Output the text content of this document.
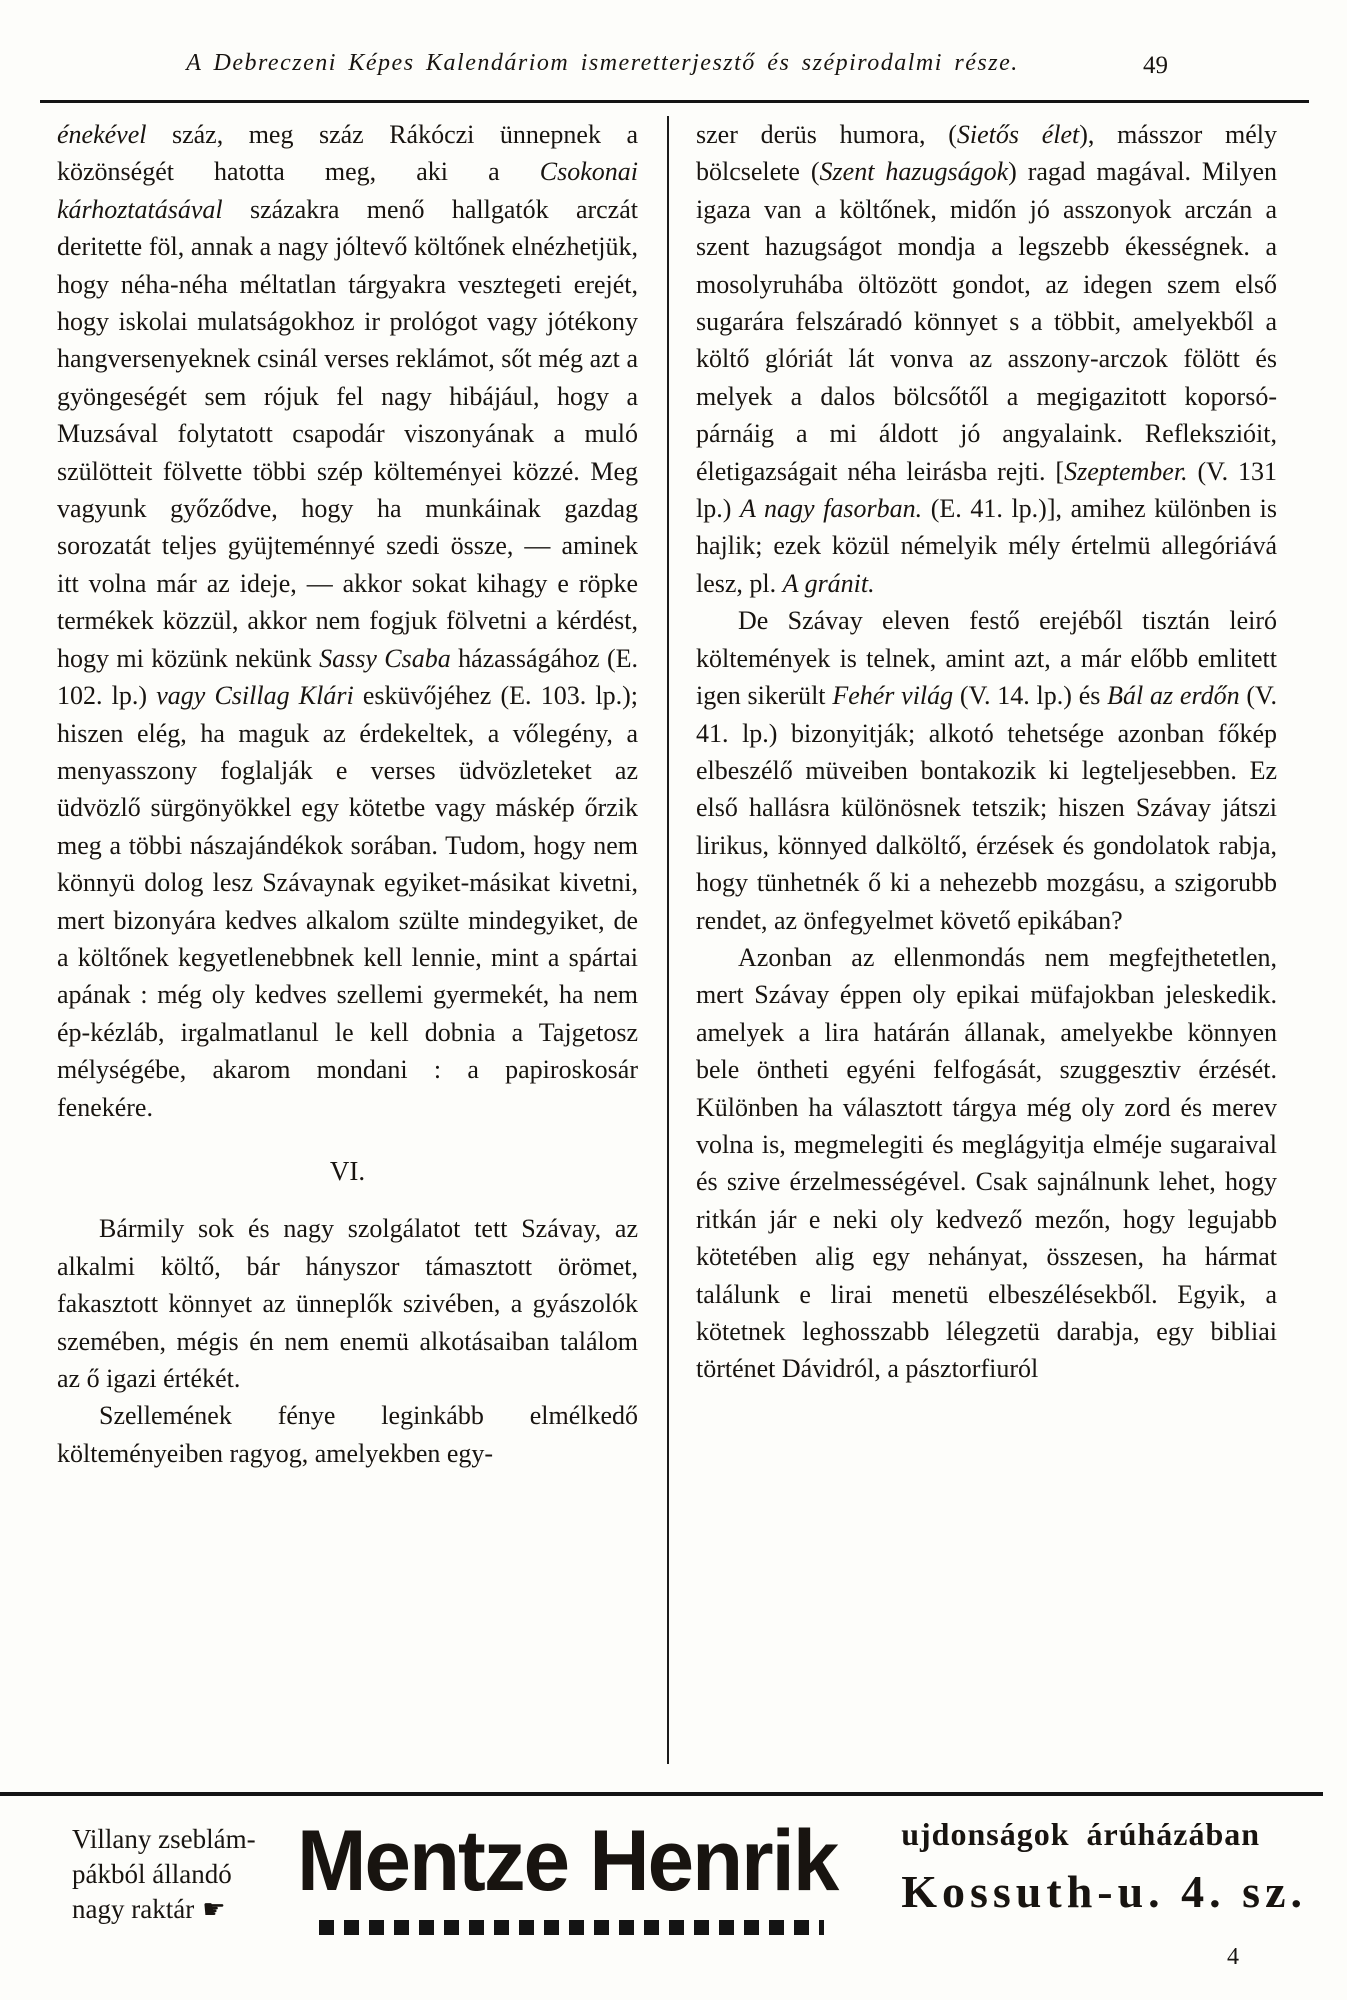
A Debreczeni Képes Kalendáriom ismeretterjesztő és szépirodalmi része.	49

énekével száz, meg száz Rákóczi ünnepnek a közönségét hatotta meg, aki a Csokonai kárhoztatásával százakra menő hallgatók arczát deritette föl, annak a nagy jóltevő költőnek elnézhetjük, hogy néha-néha méltatlan tárgyakra vesztegeti erejét, hogy iskolai mulatságokhoz ir prológot vagy jótékony hangversenyeknek csinál verses reklámot, sőt még azt a gyöngeségét sem rójuk fel nagy hibájául, hogy a Muzsával folytatott csapodár viszonyának a muló szülötteit fölvette többi szép költeményei közzé. Meg vagyunk győződve, hogy ha munkáinak gazdag sorozatát teljes gyüjteménnyé szedi össze, — aminek itt volna már az ideje, — akkor sokat kihagy e röpke termékek közzül, akkor nem fogjuk fölvetni a kérdést, hogy mi közünk nekünk Sassy Csaba házasságához (E. 102. lp.) vagy Csillag Klári esküvőjéhez (E. 103. lp.); hiszen elég, ha maguk az érdekeltek, a vőlegény, a menyasszony foglalják e verses üdvözleteket az üdvözlő sürgönyökkel egy kötetbe vagy máskép őrzik meg a többi nászajándékok sorában. Tudom, hogy nem könnyü dolog lesz Szávaynak egyiket-másikat kivetni, mert bizonyára kedves alkalom szülte mindegyiket, de a költőnek kegyetlenebbnek kell lennie, mint a spártai apának : még oly kedves szellemi gyermekét, ha nem ép-kézláb, irgalmatlanul le kell dobnia a Tajgetosz mélységébe, akarom mondani : a papiroskosár fenekére.

VI.

Bármily sok és nagy szolgálatot tett Szávay, az alkalmi költő, bár hányszor támasztott örömet, fakasztott könnyet az ünneplők szivében, a gyászolók szemében, mégis én nem enemü alkotásaiban találom az ő igazi értékét.

Szellemének fénye leginkább elmélkedő költeményeiben ragyog, amelyekben egy-

szer derüs humora, (Sietős élet), másszor mély bölcselete (Szent hazugságok) ragad magával. Milyen igaza van a költőnek, midőn jó asszonyok arczán a szent hazugságot mondja a legszebb ékességnek. a mosolyruhába öltözött gondot, az idegen szem első sugarára felszáradó könnyet s a többit, amelyekből a költő glóriát lát vonva az asszony-arczok fölött és melyek a dalos bölcsőtől a megigazitott koporsó-párnáig a mi áldott jó angyalaink. Reflekszióit, életigazságait néha leirásba rejti. [Szeptember. (V. 131 lp.) A nagy fasorban. (E. 41. lp.)], amihez különben is hajlik; ezek közül némelyik mély értelmü allegóriává lesz, pl. A gránit.

De Szávay eleven festő erejéből tisztán leiró költemények is telnek, amint azt, a már előbb emlitett igen sikerült Fehér világ (V. 14. lp.) és Bál az erdőn (V. 41. lp.) bizonyitják; alkotó tehetsége azonban főkép elbeszélő müveiben bontakozik ki legteljesebben. Ez első hallásra különösnek tetszik; hiszen Szávay játszi lirikus, könnyed dalköltő, érzések és gondolatok rabja, hogy tünhetnék ő ki a nehezebb mozgásu, a szigorubb rendet, az önfegyelmet követő epikában?

Azonban az ellenmondás nem megfejthetetlen, mert Szávay éppen oly epikai müfajokban jeleskedik. amelyek a lira határán állanak, amelyekbe könnyen bele öntheti egyéni felfogását, szuggesztiv érzését. Különben ha választott tárgya még oly zord és merev volna is, megmelegiti és meglágyitja elméje sugaraival és szive érzelmességével. Csak sajnálnunk lehet, hogy ritkán jár e neki oly kedvező mezőn, hogy legujabb kötetében alig egy nehányat, összesen, ha hármat találunk e lirai menetü elbeszélésekből. Egyik, a kötetnek leghosszabb lélegzetü darabja, egy bibliai történet Dávidról, a pásztorfiuról

Villany zseblám-
pákból állandó
nagy raktár ☛
Mentze Henrik	ujdonságok árúházában
Kossuth-u. 4. sz.
4
